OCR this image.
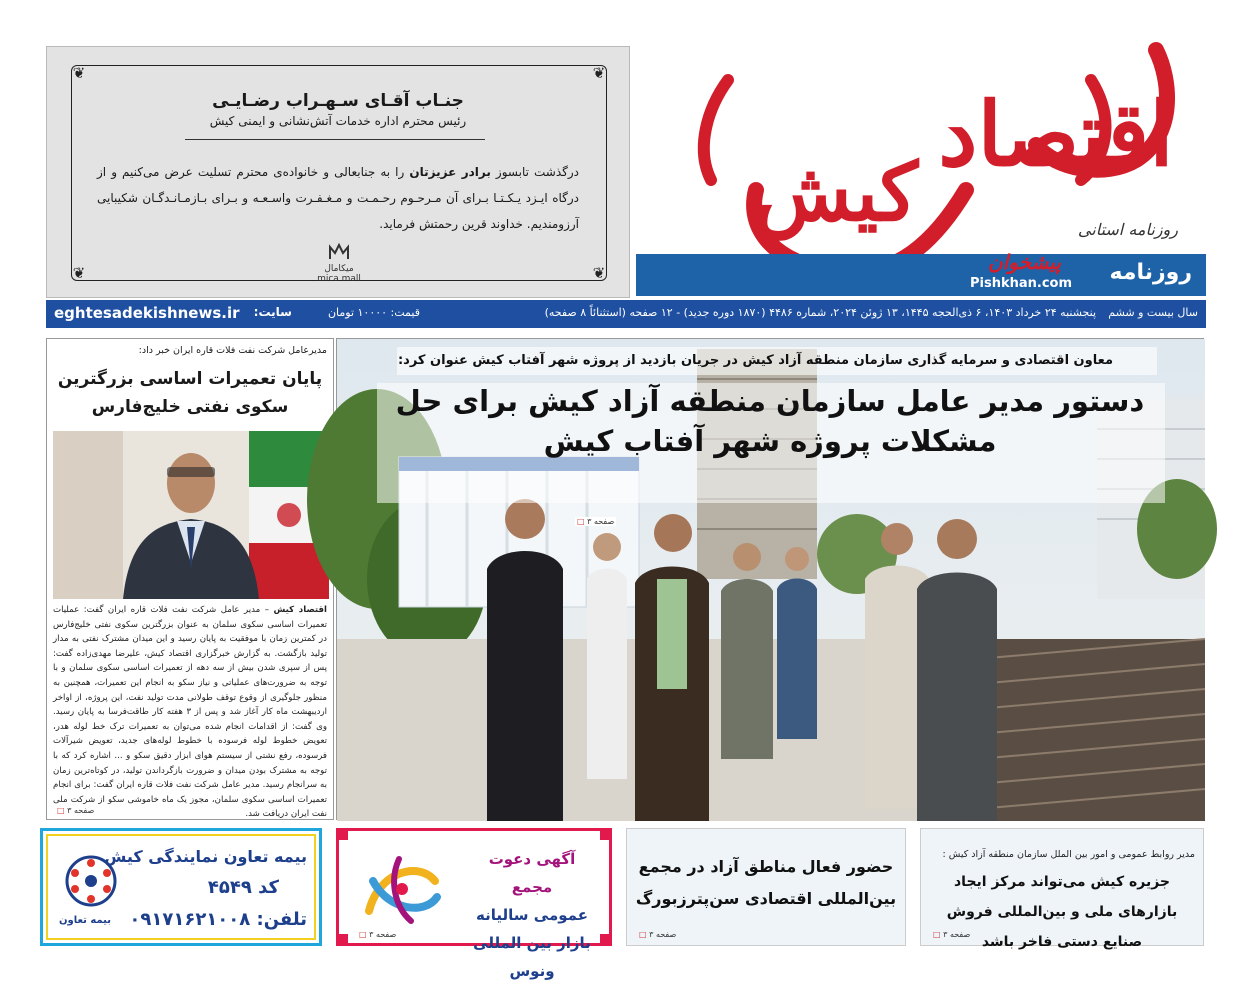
اقتصاد
کیش	روزنامه استانی
روزنامه
پیشخوان
Pishkhan.com
❦	❦
❦	❦
جنـاب آقـای سـهـراب رضـایـی
رئیس محترم اداره خدمات آتش‌نشانی و ایمنی کیش
درگذشت تابسوز برادر عزیزتان را به جنابعالی و خانواده‌ی محترم تسلیت عرض می‌کنیم و از درگاه ایـزد یـکـتـا بـرای آن مـرحـوم رحـمـت و مـغـفـرت واسـعـه و بـرای بـازمـانـدگـان شکیبایی آرزومندیم. خداوند قرین رحمتش فرماید.
میکامال
mica mall
سال بیست و ششم
پنجشنبه ۲۴ خرداد ۱۴۰۳، ۶ ذی‌الحجه ۱۴۴۵، ۱۳ ژوئن ۲۰۲۴، شماره ۴۴۸۶ (۱۸۷۰ دوره جدید) - ۱۲ صفحه (استثنائاً ۸ صفحه)
قیمت: ۱۰۰۰۰ تومان
سایت:
eghtesadekishnews.ir
مدیرعامل شرکت نفت فلات قاره ایران خبر داد:
پایان تعمیرات اساسی بزرگترین سکوی نفتی خلیج‌فارس
اقتصاد کیش – مدیر عامل شرکت نفت فلات قاره ایران گفت: عملیات تعمیرات اساسی سکوی سلمان به عنوان بزرگترین سکوی نفتی خلیج‌فارس در کمترین زمان با موفقیت به پایان رسید و این میدان مشترک نفتی به مدار تولید بازگشت. به گزارش خبرگزاری اقتصاد کیش، علیرضا مهدی‌زاده گفت: پس از سپری شدن بیش از سه دهه از تعمیرات اساسی سکوی سلمان و با توجه به ضرورت‌های عملیاتی و نیاز سکو به انجام این تعمیرات، همچنین به منظور جلوگیری از وقوع توقف طولانی مدت تولید نفت، این پروژه، از اواخر اردیبهشت ماه کار آغاز شد و پس از ۳ هفته کار طاقت‌فرسا به پایان رسید. وی گفت: از اقدامات انجام شده می‌توان به تعمیرات ترک خط لوله هدر، تعویض خطوط لوله فرسوده با خطوط لوله‌های جدید، تعویض شیرآلات فرسوده، رفع نشتی از سیستم هوای ابزار دقیق سکو و ... اشاره کرد که با توجه به مشترک بودن میدان و ضرورت بازگرداندن تولید، در کوتاه‌ترین زمان به سرانجام رسید. مدیر عامل شرکت نفت فلات قاره ایران گفت: برای انجام تعمیرات اساسی سکوی سلمان، مجوز یک ماه خاموشی سکو از شرکت ملی نفت ایران دریافت شد.
صفحه ۳ □
معاون اقتصادی و سرمایه گذاری سازمان منطقه آزاد کیش در جریان بازدید از پروژه شهر آفتاب کیش عنوان کرد:
دستور مدیر عامل سازمان منطقه آزاد کیش برای حل مشکلات پروژه شهر آفتاب کیش
صفحه ۳ □
بیمه تعاون نمایندگی کیش
کد ۴۵۴۹
تلفن: ۰۹۱۷۱۶۲۱۰۰۸
بیمه تعاون
آگهی دعوت مجمع
عمومی سالیانه
بازار بین المللی ونوس
صفحه ۳ □
حضور فعال مناطق آزاد در مجمع بین‌المللی اقتصادی سن‌پترزبورگ
صفحه ۳ □
مدیر روابط عمومی و امور بین الملل سازمان منطقه آزاد کیش :
جزیره کیش می‌تواند مرکز ایجاد بازارهای ملی و بین‌المللی فروش صنایع دستی فاخر باشد
صفحه ۳ □
